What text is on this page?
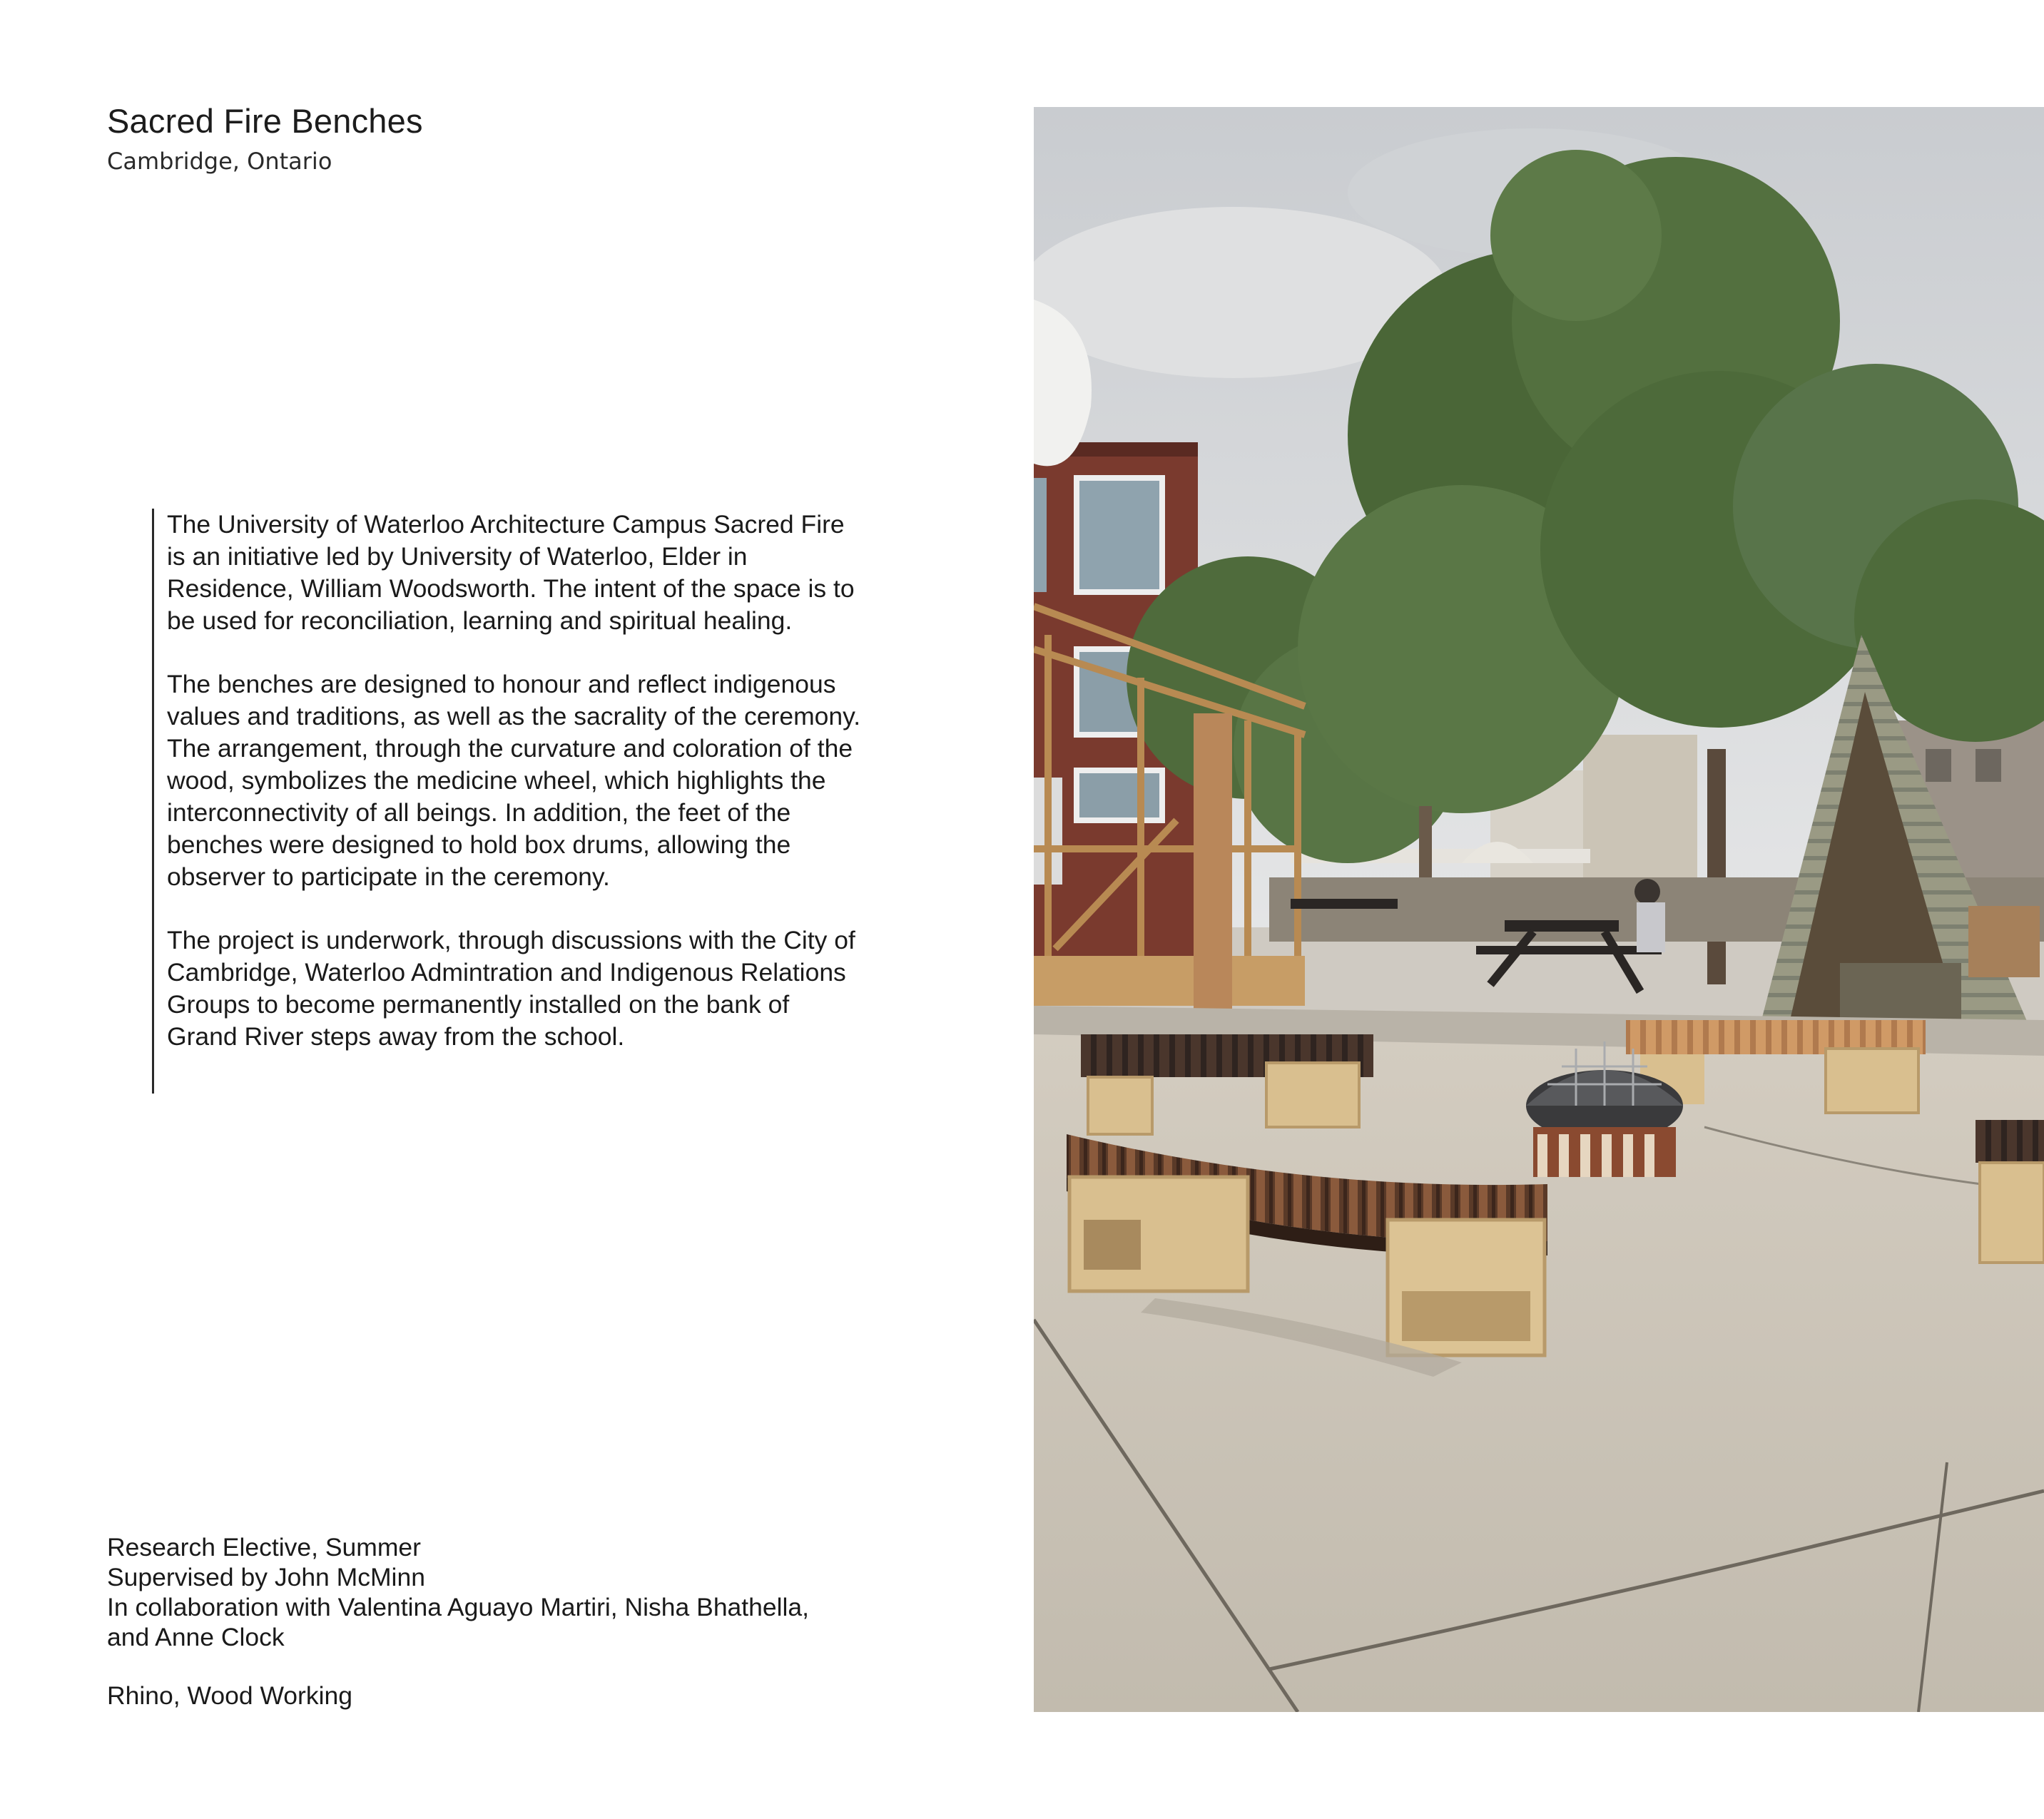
Sacred Fire Benches

Cambridge, Ontario

The University of Waterloo Architecture Campus Sacred Fire is an initiative led by University of Waterloo, Elder in Residence, William Woodsworth. The intent of the space is to be used for reconciliation, learning and spiritual healing.

The benches are designed to honour and reflect indigenous values and traditions, as well as the sacrality of the ceremony. The arrangement, through the curvature and coloration of the wood, symbolizes the medicine wheel, which highlights the interconnectivity of all beings. In addition, the feet of the benches were designed to hold box drums, allowing the observer to participate in the ceremony.

The project is underwork, through discussions with the City of Cambridge, Waterloo Admintration and Indigenous Relations Groups to become permanently installed on the bank of Grand River steps away from the school.

Research Elective, Summer

Supervised by John McMinn

In collaboration with Valentina Aguayo Martiri, Nisha Bhathella,

and Anne Clock

Rhino, Wood Working
